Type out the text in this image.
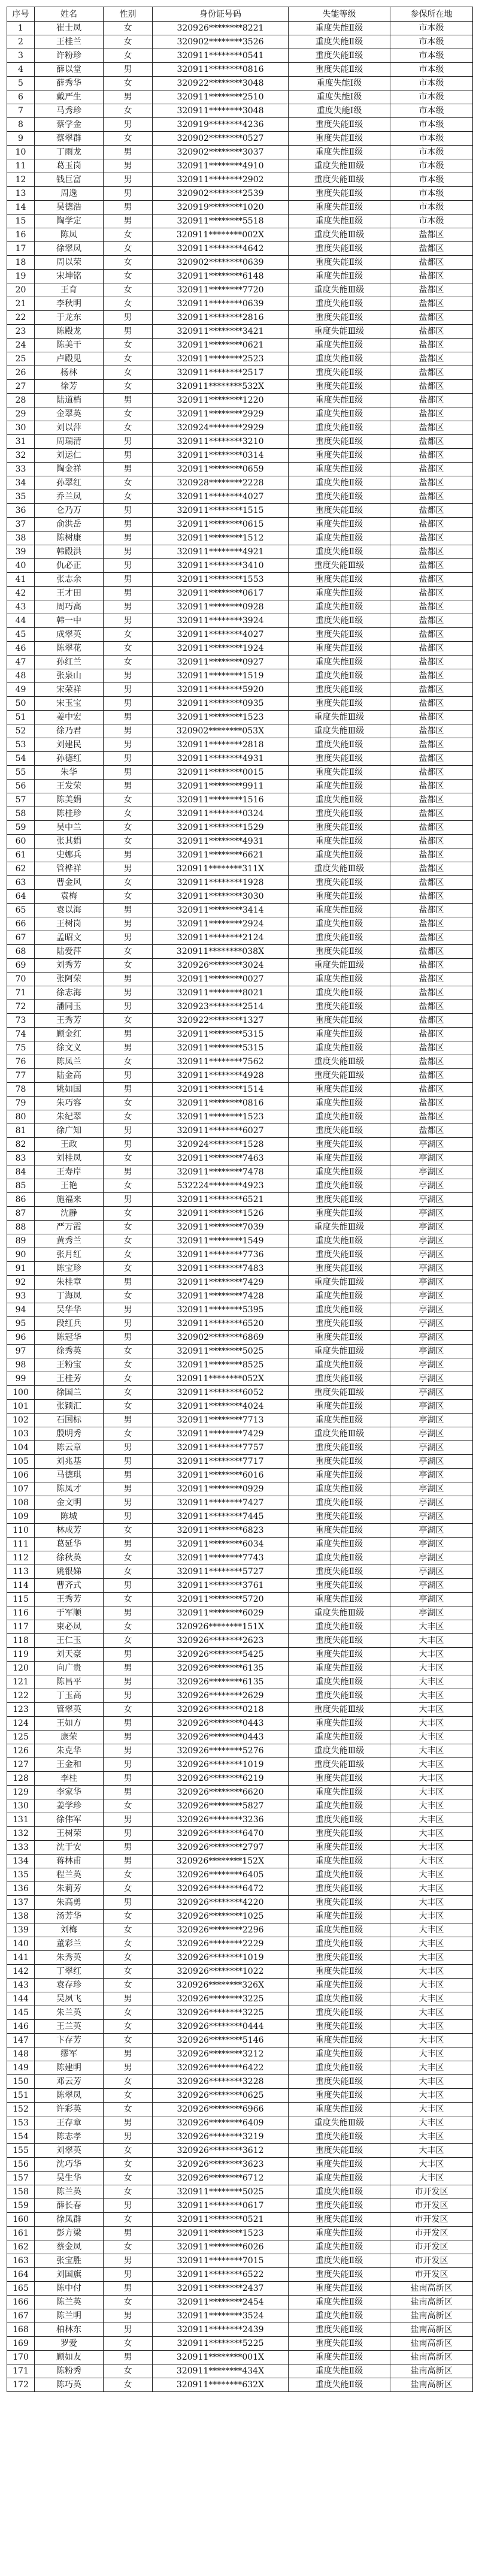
序号	姓名	性别	身份证号码	失能等级	参保所在地
1	崔士凤	女	320926********8221	重度失能Ⅱ级	市本级
2	王桂兰	女	320902********3526	重度失能Ⅱ级	市本级
3	许粉珍	女	320911********0541	重度失能Ⅱ级	市本级
4	薛以堂	男	320911********0816	重度失能Ⅱ级	市本级
5	薛秀华	女	320922********3048	重度失能Ⅰ级	市本级
6	戴严生	男	320911********2510	重度失能Ⅰ级	市本级
7	马秀珍	女	320911********3048	重度失能Ⅰ级	市本级
8	蔡学金	男	320919********4236	重度失能Ⅱ级	市本级
9	蔡翠群	女	320902********0527	重度失能Ⅱ级	市本级
10	丁雨龙	男	320902********3037	重度失能Ⅱ级	市本级
11	葛玉岗	男	320911********4910	重度失能Ⅲ级	市本级
12	钱巨富	男	320911********2902	重度失能Ⅲ级	市本级
13	周逸	男	320902********2539	重度失能Ⅱ级	市本级
14	吴德浩	男	320919********1020	重度失能Ⅱ级	市本级
15	陶学定	男	320911********5518	重度失能Ⅱ级	市本级
16	陈凤	女	320911********002X	重度失能Ⅲ级	盐都区
17	徐翠凤	女	320911********4642	重度失能Ⅱ级	盐都区
18	周以荣	女	320902********0639	重度失能Ⅱ级	盐都区
19	宋坤铭	女	320911********6148	重度失能Ⅱ级	盐都区
20	王育	女	320911********7720	重度失能Ⅲ级	盐都区
21	李秋明	女	320911********0639	重度失能Ⅱ级	盐都区
22	于龙东	男	320911********2816	重度失能Ⅱ级	盐都区
23	陈殿龙	男	320911********3421	重度失能Ⅲ级	盐都区
24	陈美干	女	320911********0621	重度失能Ⅱ级	盐都区
25	卢殿见	女	320911********2523	重度失能Ⅱ级	盐都区
26	杨林	女	320911********2517	重度失能Ⅱ级	盐都区
27	徐芳	女	320911********532X	重度失能Ⅱ级	盐都区
28	陆道梢	男	320911********1220	重度失能Ⅱ级	盐都区
29	金翠英	女	320911********2929	重度失能Ⅱ级	盐都区
30	刘以萍	女	320924********2929	重度失能Ⅱ级	盐都区
31	周瑞清	男	320911********3210	重度失能Ⅱ级	盐都区
32	刘运仁	男	320911********0314	重度失能Ⅱ级	盐都区
33	陶金祥	男	320911********0659	重度失能Ⅱ级	盐都区
34	孙翠红	女	320928********2228	重度失能Ⅱ级	盐都区
35	乔兰凤	女	320911********4027	重度失能Ⅱ级	盐都区
36	仑乃万	男	320911********1515	重度失能Ⅱ级	盐都区
37	俞洪岳	男	320911********0615	重度失能Ⅱ级	盐都区
38	陈树康	男	320911********1512	重度失能Ⅱ级	盐都区
39	韩殿洪	男	320911********4921	重度失能Ⅱ级	盐都区
40	仇必正	男	320911********3410	重度失能Ⅲ级	盐都区
41	张志余	男	320911********1553	重度失能Ⅱ级	盐都区
42	王才田	男	320911********0617	重度失能Ⅱ级	盐都区
43	周巧高	男	320911********0928	重度失能Ⅱ级	盐都区
44	韩一中	男	320911********3924	重度失能Ⅱ级	盐都区
45	成翠英	女	320911********4027	重度失能Ⅱ级	盐都区
46	陈翠花	女	320911********1924	重度失能Ⅱ级	盐都区
47	孙红兰	女	320911********0927	重度失能Ⅱ级	盐都区
48	张泉山	男	320911********1519	重度失能Ⅱ级	盐都区
49	宋荣祥	男	320911********5920	重度失能Ⅱ级	盐都区
50	宋玉宝	男	320911********0935	重度失能Ⅱ级	盐都区
51	姜中宏	男	320911********1523	重度失能Ⅲ级	盐都区
52	徐乃君	男	320902********053X	重度失能Ⅲ级	盐都区
53	刘建民	男	320911********2818	重度失能Ⅱ级	盐都区
54	孙德红	男	320911********4931	重度失能Ⅱ级	盐都区
55	朱华	男	320911********0015	重度失能Ⅱ级	盐都区
56	王发荣	男	320911********9911	重度失能Ⅱ级	盐都区
57	陈美娟	女	320911********1516	重度失能Ⅱ级	盐都区
58	陈桂珍	女	320911********0324	重度失能Ⅱ级	盐都区
59	吴中兰	女	320911********1529	重度失能Ⅱ级	盐都区
60	张其娟	女	320911********4931	重度失能Ⅱ级	盐都区
61	史娜兵	男	320911********6621	重度失能Ⅱ级	盐都区
62	管桦祥	男	320911********311X	重度失能Ⅲ级	盐都区
63	曹金风	女	320911********1928	重度失能Ⅱ级	盐都区
64	袁梅	女	320911********3030	重度失能Ⅱ级	盐都区
65	袁以海	男	320911********3414	重度失能Ⅱ级	盐都区
66	王树岗	男	320911********2924	重度失能Ⅱ级	盐都区
67	孟昭文	男	320911********2124	重度失能Ⅱ级	盐都区
68	陆爱萍	女	320911********038X	重度失能Ⅱ级	盐都区
69	刘秀芳	女	320926********3024	重度失能Ⅲ级	盐都区
70	张阿荣	男	320911********0027	重度失能Ⅱ级	盐都区
71	徐志海	男	320911********8021	重度失能Ⅱ级	盐都区
72	潘同玉	男	320923********2514	重度失能Ⅱ级	盐都区
73	王秀芳	女	320922********1327	重度失能Ⅱ级	盐都区
74	顾金红	男	320911********5315	重度失能Ⅱ级	盐都区
75	徐文义	男	320911********5315	重度失能Ⅱ级	盐都区
76	陈凤兰	女	320911********7562	重度失能Ⅲ级	盐都区
77	陆金高	男	320911********4928	重度失能Ⅲ级	盐都区
78	姚如国	男	320911********1514	重度失能Ⅱ级	盐都区
79	朱巧容	女	320911********0816	重度失能Ⅱ级	盐都区
80	朱纪翠	女	320911********1523	重度失能Ⅱ级	盐都区
81	徐广知	男	320911********6027	重度失能Ⅱ级	盐都区
82	王政	男	320924********1528	重度失能Ⅱ级	亭湖区
83	刘桂凤	女	320911********7463	重度失能Ⅱ级	亭湖区
84	王寿岸	男	320911********7478	重度失能Ⅱ级	亭湖区
85	王艳	女	532224********4923	重度失能Ⅱ级	亭湖区
86	施福来	男	320911********6521	重度失能Ⅱ级	亭湖区
87	沈静	女	320911********1526	重度失能Ⅱ级	亭湖区
88	严万霞	女	320911********7039	重度失能Ⅲ级	亭湖区
89	黄秀兰	女	320911********1549	重度失能Ⅱ级	亭湖区
90	张月红	女	320911********7736	重度失能Ⅱ级	亭湖区
91	陈宝珍	女	320911********7483	重度失能Ⅱ级	亭湖区
92	朱桂章	男	320911********7429	重度失能Ⅲ级	亭湖区
93	丁海凤	女	320911********7428	重度失能Ⅱ级	亭湖区
94	吴华华	男	320911********5395	重度失能Ⅱ级	亭湖区
95	段红兵	男	320911********6520	重度失能Ⅱ级	亭湖区
96	陈冠华	男	320902********6869	重度失能Ⅱ级	亭湖区
97	徐秀英	女	320911********5025	重度失能Ⅲ级	亭湖区
98	王粉宝	女	320911********8525	重度失能Ⅱ级	亭湖区
99	王桂芳	女	320911********052X	重度失能Ⅱ级	亭湖区
100	徐国兰	女	320911********6052	重度失能Ⅲ级	亭湖区
101	张颖汇	女	320911********4024	重度失能Ⅱ级	亭湖区
102	石国标	男	320911********7713	重度失能Ⅱ级	亭湖区
103	殷明秀	女	320911********7429	重度失能Ⅲ级	亭湖区
104	陈云章	男	320911********7757	重度失能Ⅱ级	亭湖区
105	刘兆基	男	320911********7717	重度失能Ⅱ级	亭湖区
106	马德琪	男	320911********6016	重度失能Ⅱ级	亭湖区
107	陈凤才	男	320911********0929	重度失能Ⅱ级	亭湖区
108	金文明	男	320911********7427	重度失能Ⅱ级	亭湖区
109	陈城	男	320911********7445	重度失能Ⅱ级	亭湖区
110	林成芳	女	320911********6823	重度失能Ⅱ级	亭湖区
111	葛延华	男	320911********6034	重度失能Ⅱ级	亭湖区
112	徐秋英	女	320911********7743	重度失能Ⅱ级	亭湖区
113	姚银娣	女	320911********5727	重度失能Ⅱ级	亭湖区
114	曹齐式	男	320911********3761	重度失能Ⅱ级	亭湖区
115	王秀芳	女	320911********5720	重度失能Ⅱ级	亭湖区
116	于军顺	男	320911********6029	重度失能Ⅲ级	亭湖区
117	束必凤	女	320926********151X	重度失能Ⅱ级	大丰区
118	王仁玉	女	320926********2623	重度失能Ⅱ级	大丰区
119	刘天豪	男	320926********5425	重度失能Ⅱ级	大丰区
120	向广贵	男	320926********6135	重度失能Ⅱ级	大丰区
121	陈昌平	男	320926********6135	重度失能Ⅱ级	大丰区
122	丁玉高	男	320926********2629	重度失能Ⅱ级	大丰区
123	管翠英	女	320926********0218	重度失能Ⅲ级	大丰区
124	王如方	男	320926********0443	重度失能Ⅱ级	大丰区
125	康荣	男	320926********0443	重度失能Ⅱ级	大丰区
126	朱克华	男	320926********5276	重度失能Ⅲ级	大丰区
127	王金和	男	320926********1019	重度失能Ⅲ级	大丰区
128	李桂	男	320926********6219	重度失能Ⅱ级	大丰区
129	李家华	男	320926********6620	重度失能Ⅱ级	大丰区
130	姜学珍	女	320926********5827	重度失能Ⅱ级	大丰区
131	徐伟军	男	320926********3236	重度失能Ⅱ级	大丰区
132	王树荣	男	320926********6470	重度失能Ⅱ级	大丰区
133	沈于安	男	320926********2797	重度失能Ⅱ级	大丰区
134	蒋林甫	男	320926********152X	重度失能Ⅱ级	大丰区
135	程兰英	女	320926********6405	重度失能Ⅱ级	大丰区
136	朱莉芳	女	320926********6472	重度失能Ⅱ级	大丰区
137	朱高勇	男	320926********4220	重度失能Ⅱ级	大丰区
138	汤芳华	女	320926********1025	重度失能Ⅱ级	大丰区
139	刘梅	女	320926********2296	重度失能Ⅱ级	大丰区
140	董彩兰	女	320926********2229	重度失能Ⅱ级	大丰区
141	朱秀英	女	320926********1019	重度失能Ⅱ级	大丰区
142	丁翠红	女	320926********1022	重度失能Ⅱ级	大丰区
143	袁存珍	女	320926********326X	重度失能Ⅱ级	大丰区
144	吴夙飞	男	320926********3225	重度失能Ⅱ级	大丰区
145	朱兰英	女	320926********3225	重度失能Ⅱ级	大丰区
146	王兰英	女	320926********0444	重度失能Ⅱ级	大丰区
147	卞存芳	女	320926********5146	重度失能Ⅱ级	大丰区
148	缪军	男	320926********3212	重度失能Ⅱ级	大丰区
149	陈建明	男	320926********6422	重度失能Ⅱ级	大丰区
150	邓云芳	女	320926********3228	重度失能Ⅱ级	大丰区
151	陈翠凤	女	320926********0625	重度失能Ⅱ级	大丰区
152	许彩英	女	320926********6966	重度失能Ⅱ级	大丰区
153	王存章	男	320926********6409	重度失能Ⅲ级	大丰区
154	陈志孝	男	320926********3219	重度失能Ⅱ级	大丰区
155	刘翠英	女	320926********3612	重度失能Ⅱ级	大丰区
156	沈巧华	女	320926********3623	重度失能Ⅱ级	大丰区
157	吴生华	女	320926********6712	重度失能Ⅱ级	大丰区
158	陈兰英	女	320911********5025	重度失能Ⅱ级	市开发区
159	薛长春	男	320911********0617	重度失能Ⅱ级	市开发区
160	徐凤群	女	320911********0521	重度失能Ⅱ级	市开发区
161	彭方梁	男	320911********1523	重度失能Ⅱ级	市开发区
162	蔡金凤	女	320911********6026	重度失能Ⅱ级	市开发区
163	张宝胜	男	320911********7015	重度失能Ⅱ级	市开发区
164	刘国旗	男	320911********6522	重度失能Ⅱ级	市开发区
165	陈中付	男	320911********2437	重度失能Ⅱ级	盐南高新区
166	陈兰英	女	320911********2454	重度失能Ⅱ级	盐南高新区
167	陈兰明	男	320911********3524	重度失能Ⅱ级	盐南高新区
168	柏林东	男	320911********2439	重度失能Ⅱ级	盐南高新区
169	罗爱	女	320911********5225	重度失能Ⅱ级	盐南高新区
170	顾如友	男	320911********001X	重度失能Ⅱ级	盐南高新区
171	陈粉秀	女	320911********434X	重度失能Ⅱ级	盐南高新区
172	陈巧英	女	320911********632X	重度失能Ⅱ级	盐南高新区
